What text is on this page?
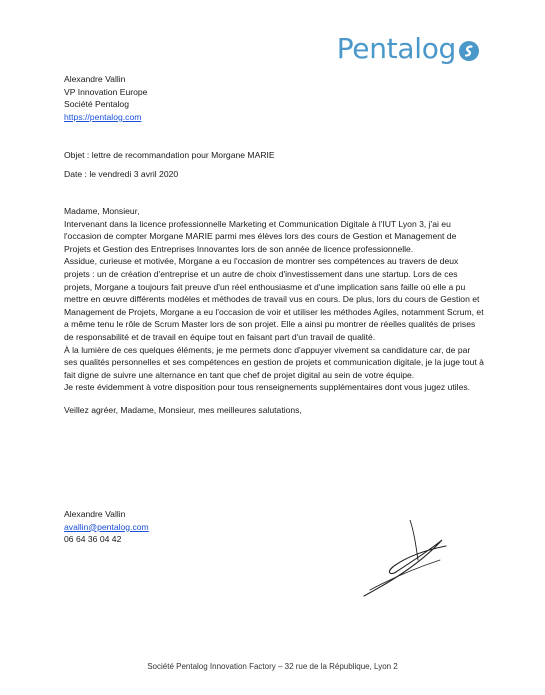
Pentalog

Alexandre Vallin

VP Innovation Europe

Société Pentalog

https://pentalog.com

Objet : lettre de recommandation pour Morgane MARIE

Date : le vendredi 3 avril 2020

Madame, Monsieur,

Intervenant dans la licence professionnelle Marketing et Communication Digitale à l'IUT Lyon 3, j'ai eu l'occasion de compter Morgane MARIE parmi mes élèves lors des cours de Gestion et Management de Projets et Gestion des Entreprises Innovantes lors de son année de licence professionnelle.

Assidue, curieuse et motivée, Morgane a eu l'occasion de montrer ses compétences au travers de deux projets : un de création d'entreprise et un autre de choix d'investissement dans une startup. Lors de ces projets, Morgane a toujours fait preuve d'un réel enthousiasme et d'une implication sans faille où elle a pu mettre en œuvre différents modèles et méthodes de travail vus en cours. De plus, lors du cours de Gestion et Management de Projets, Morgane a eu l'occasion de voir et utiliser les méthodes Agiles, notamment Scrum, et a même tenu le rôle de Scrum Master lors de son projet. Elle a ainsi pu montrer de réelles qualités de prises de responsabilité et de travail en équipe tout en faisant part d'un travail de qualité.

À la lumière de ces quelques éléments, je me permets donc d'appuyer vivement sa candidature car, de par ses qualités personnelles et ses compétences en gestion de projets et communication digitale, je la juge tout à fait digne de suivre une alternance en tant que chef de projet digital au sein de votre équipe.

Je reste évidemment à votre disposition pour tous renseignements supplémentaires dont vous jugez utiles.

Veillez agréer, Madame, Monsieur, mes meilleures salutations,

Alexandre Vallin

avallin@pentalog.com

06 64 36 04 42

Société Pentalog Innovation Factory – 32 rue de la République, Lyon 2
